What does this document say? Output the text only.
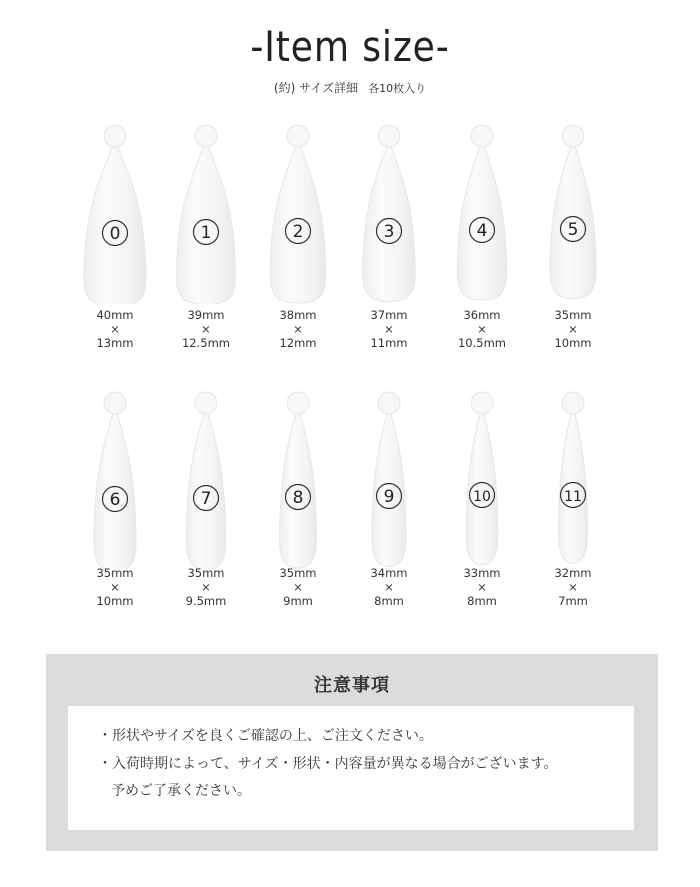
-Item size-
(約) サイズ詳細 各10枚入り
0	1	2	3	4	5
6	7	8	9	10	11
注意事項
・形状やサイズを良くご確認の上、ご注文ください。
・入荷時期によって、サイズ・形状・内容量が異なる場合がございます。
予めご了承ください。
40mm
×
13mm
39mm
×
12.5mm
38mm
×
12mm
37mm
×
11mm
36mm
×
10.5mm
35mm
×
10mm
35mm
×
10mm
35mm
×
9.5mm
35mm
×
9mm
34mm
×
8mm
33mm
×
8mm
32mm
×
7mm
